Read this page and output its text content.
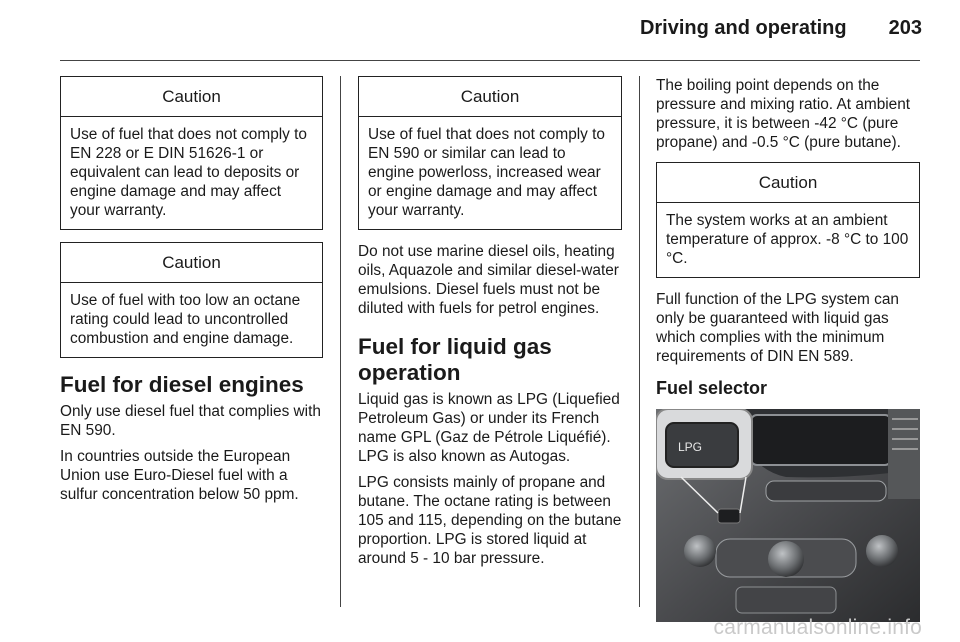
Driving and operating 203
Caution
Use of fuel that does not comply to EN 228 or E DIN 51626-1 or equivalent can lead to deposits or engine damage and may affect your warranty.
Caution
Use of fuel with too low an octane rating could lead to uncontrolled combustion and engine damage.
Fuel for diesel engines

Only use diesel fuel that complies with EN 590.

In countries outside the European Union use Euro-Diesel fuel with a sulfur concentration below 50 ppm.

Caution
Use of fuel that does not comply to EN 590 or similar can lead to engine powerloss, increased wear or engine damage and may affect your warranty.

Do not use marine diesel oils, heating oils, Aquazole and similar diesel-water emulsions. Diesel fuels must not be diluted with fuels for petrol engines.

Fuel for liquid gas operation

Liquid gas is known as LPG (Liquefied Petroleum Gas) or under its French name GPL (Gaz de Pétrole Liquéfié). LPG is also known as Autogas.

LPG consists mainly of propane and butane. The octane rating is between 105 and 115, depending on the butane proportion. LPG is stored liquid at around 5 - 10 bar pressure.

The boiling point depends on the pressure and mixing ratio. At ambient pressure, it is between -42 °C (pure propane) and -0.5 °C (pure butane).

Caution
The system works at an ambient temperature of approx. -8 °C to 100 °C.

Full function of the LPG system can only be guaranteed with liquid gas which complies with the minimum requirements of DIN EN 589.

Fuel selector
LPG
carmanualsonline.info
